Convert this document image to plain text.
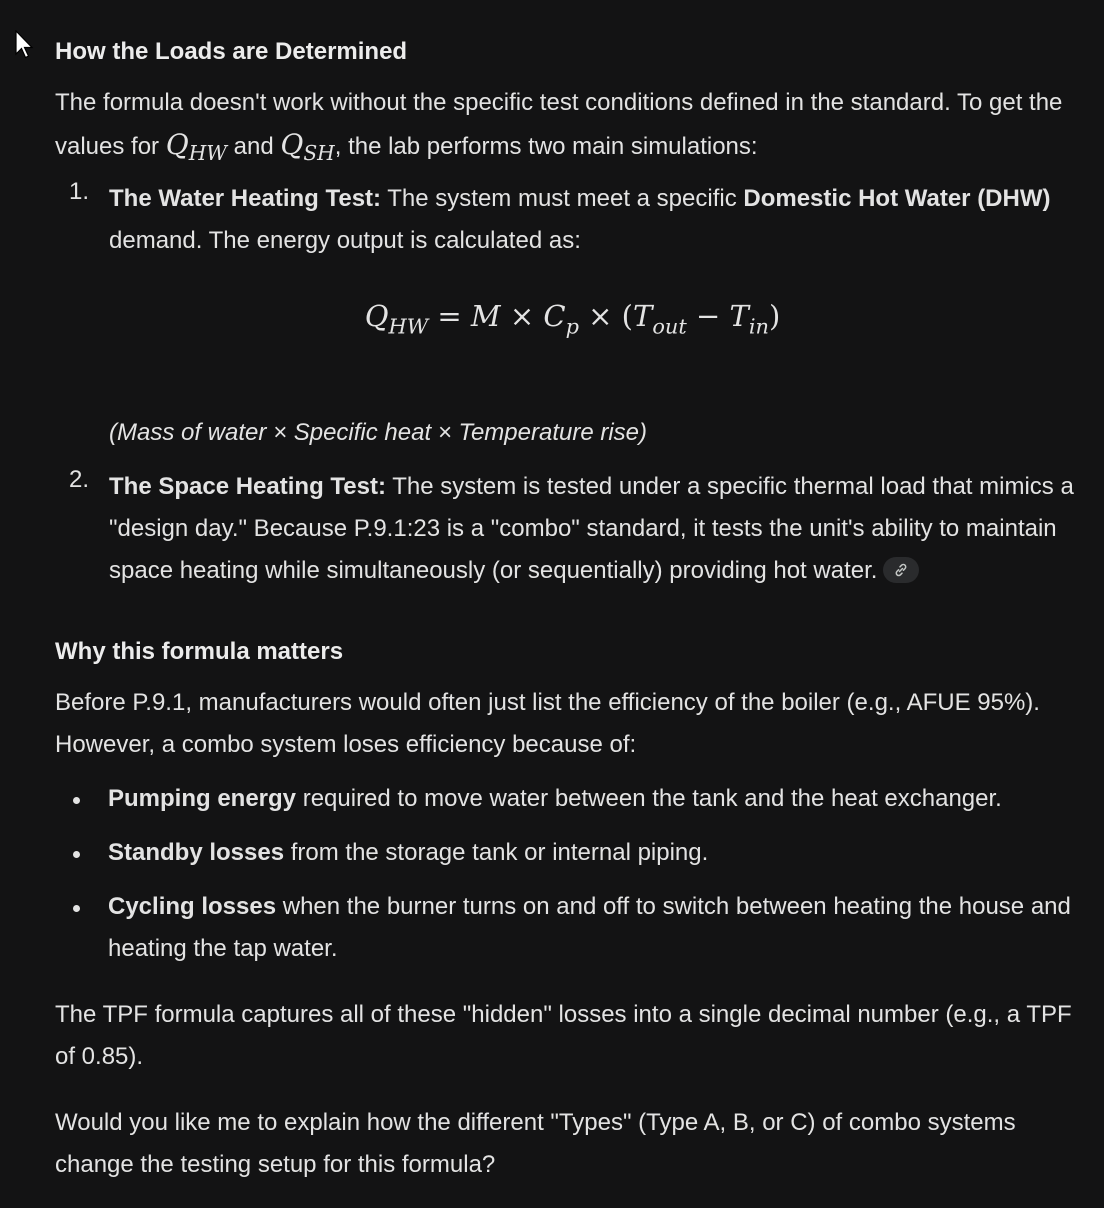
How the Loads are Determined

The formula doesn't work without the specific test conditions defined in the standard. To get the values for $Q_{HW}$ and $Q_{SH}$, the lab performs two main simulations:

1. The Water Heating Test: The system must meet a specific Domestic Hot Water (DHW) demand. The energy output is calculated as:

$Q_{HW} = M \times C_p \times (T_{out} - T_{in})$

(Mass of water × Specific heat × Temperature rise)

2. The Space Heating Test: The system is tested under a specific thermal load that mimics a "design day." Because P.9.1:23 is a "combo" standard, it tests the unit's ability to maintain space heating while simultaneously (or sequentially) providing hot water.

Why this formula matters

Before P.9.1, manufacturers would often just list the efficiency of the boiler (e.g., AFUE 95%). However, a combo system loses efficiency because of:

Pumping energy required to move water between the tank and the heat exchanger.

Standby losses from the storage tank or internal piping.

Cycling losses when the burner turns on and off to switch between heating the house and heating the tap water.

The TPF formula captures all of these "hidden" losses into a single decimal number (e.g., a TPF of 0.85).

Would you like me to explain how the different "Types" (Type A, B, or C) of combo systems change the testing setup for this formula?
